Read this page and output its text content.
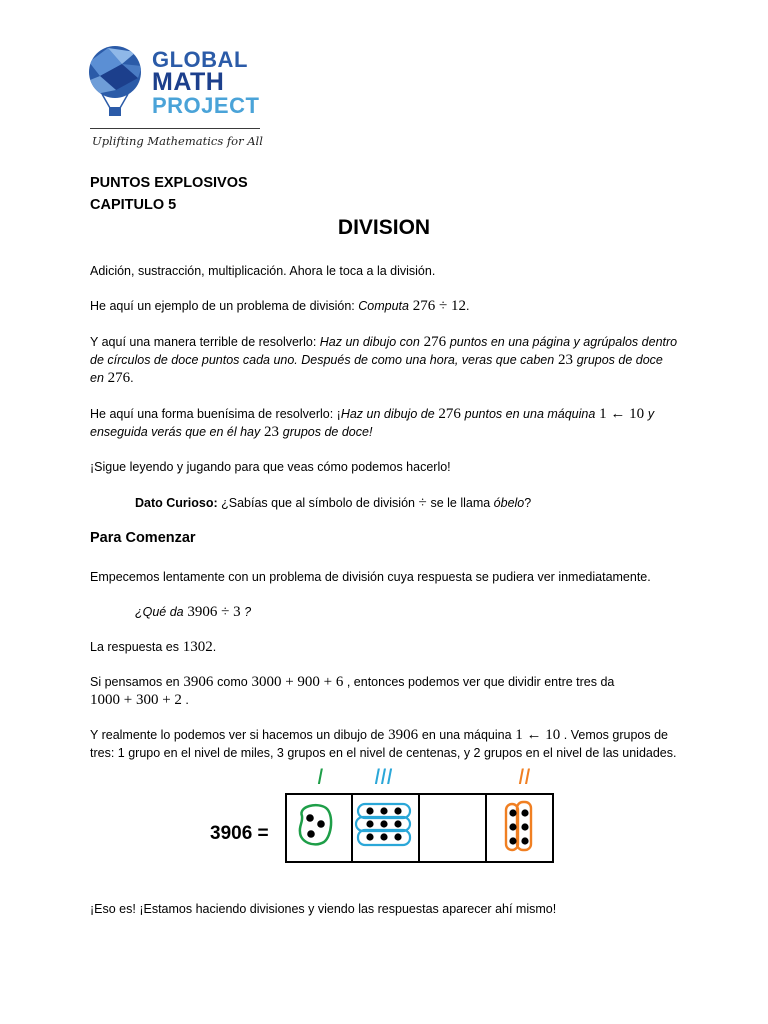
GLOBAL
MATH
PROJECT
Uplifting Mathematics for All
PUNTOS EXPLOSIVOS
CAPITULO 5
DIVISION

Adición, sustracción, multiplicación. Ahora le toca a la división.

He aquí un ejemplo de un problema de división: Computa 276 ÷ 12.

Y aquí una manera terrible de resolverlo: Haz un dibujo con 276 puntos en una página y agrúpalos dentro de círculos de doce puntos cada uno. Después de como una hora, veras que caben 23 grupos de doce en 276.

He aquí una forma buenísima de resolverlo: ¡Haz un dibujo de 276 puntos en una máquina 1 ← 10 y enseguida verás que en él hay 23 grupos de doce!

¡Sigue leyendo y jugando para que veas cómo podemos hacerlo!

Dato Curioso: ¿Sabías que al símbolo de división ÷ se le llama óbelo?

Para Comenzar

Empecemos lentamente con un problema de división cuya respuesta se pudiera ver inmediatamente.

¿Qué da 3906 ÷ 3 ?

La respuesta es 1302.

Si pensamos en 3906 como 3000 + 900 + 6 , entonces podemos ver que dividir entre tres da
1000 + 300 + 2 .

Y realmente lo podemos ver si hacemos un dibujo de 3906 en una máquina 1 ← 10 . Vemos grupos de tres: 1 grupo en el nivel de miles, 3 grupos en el nivel de centenas, y 2 grupos en el nivel de las unidades.

3906 =
I III	II

¡Eso es! ¡Estamos haciendo divisiones y viendo las respuestas aparecer ahí mismo!
